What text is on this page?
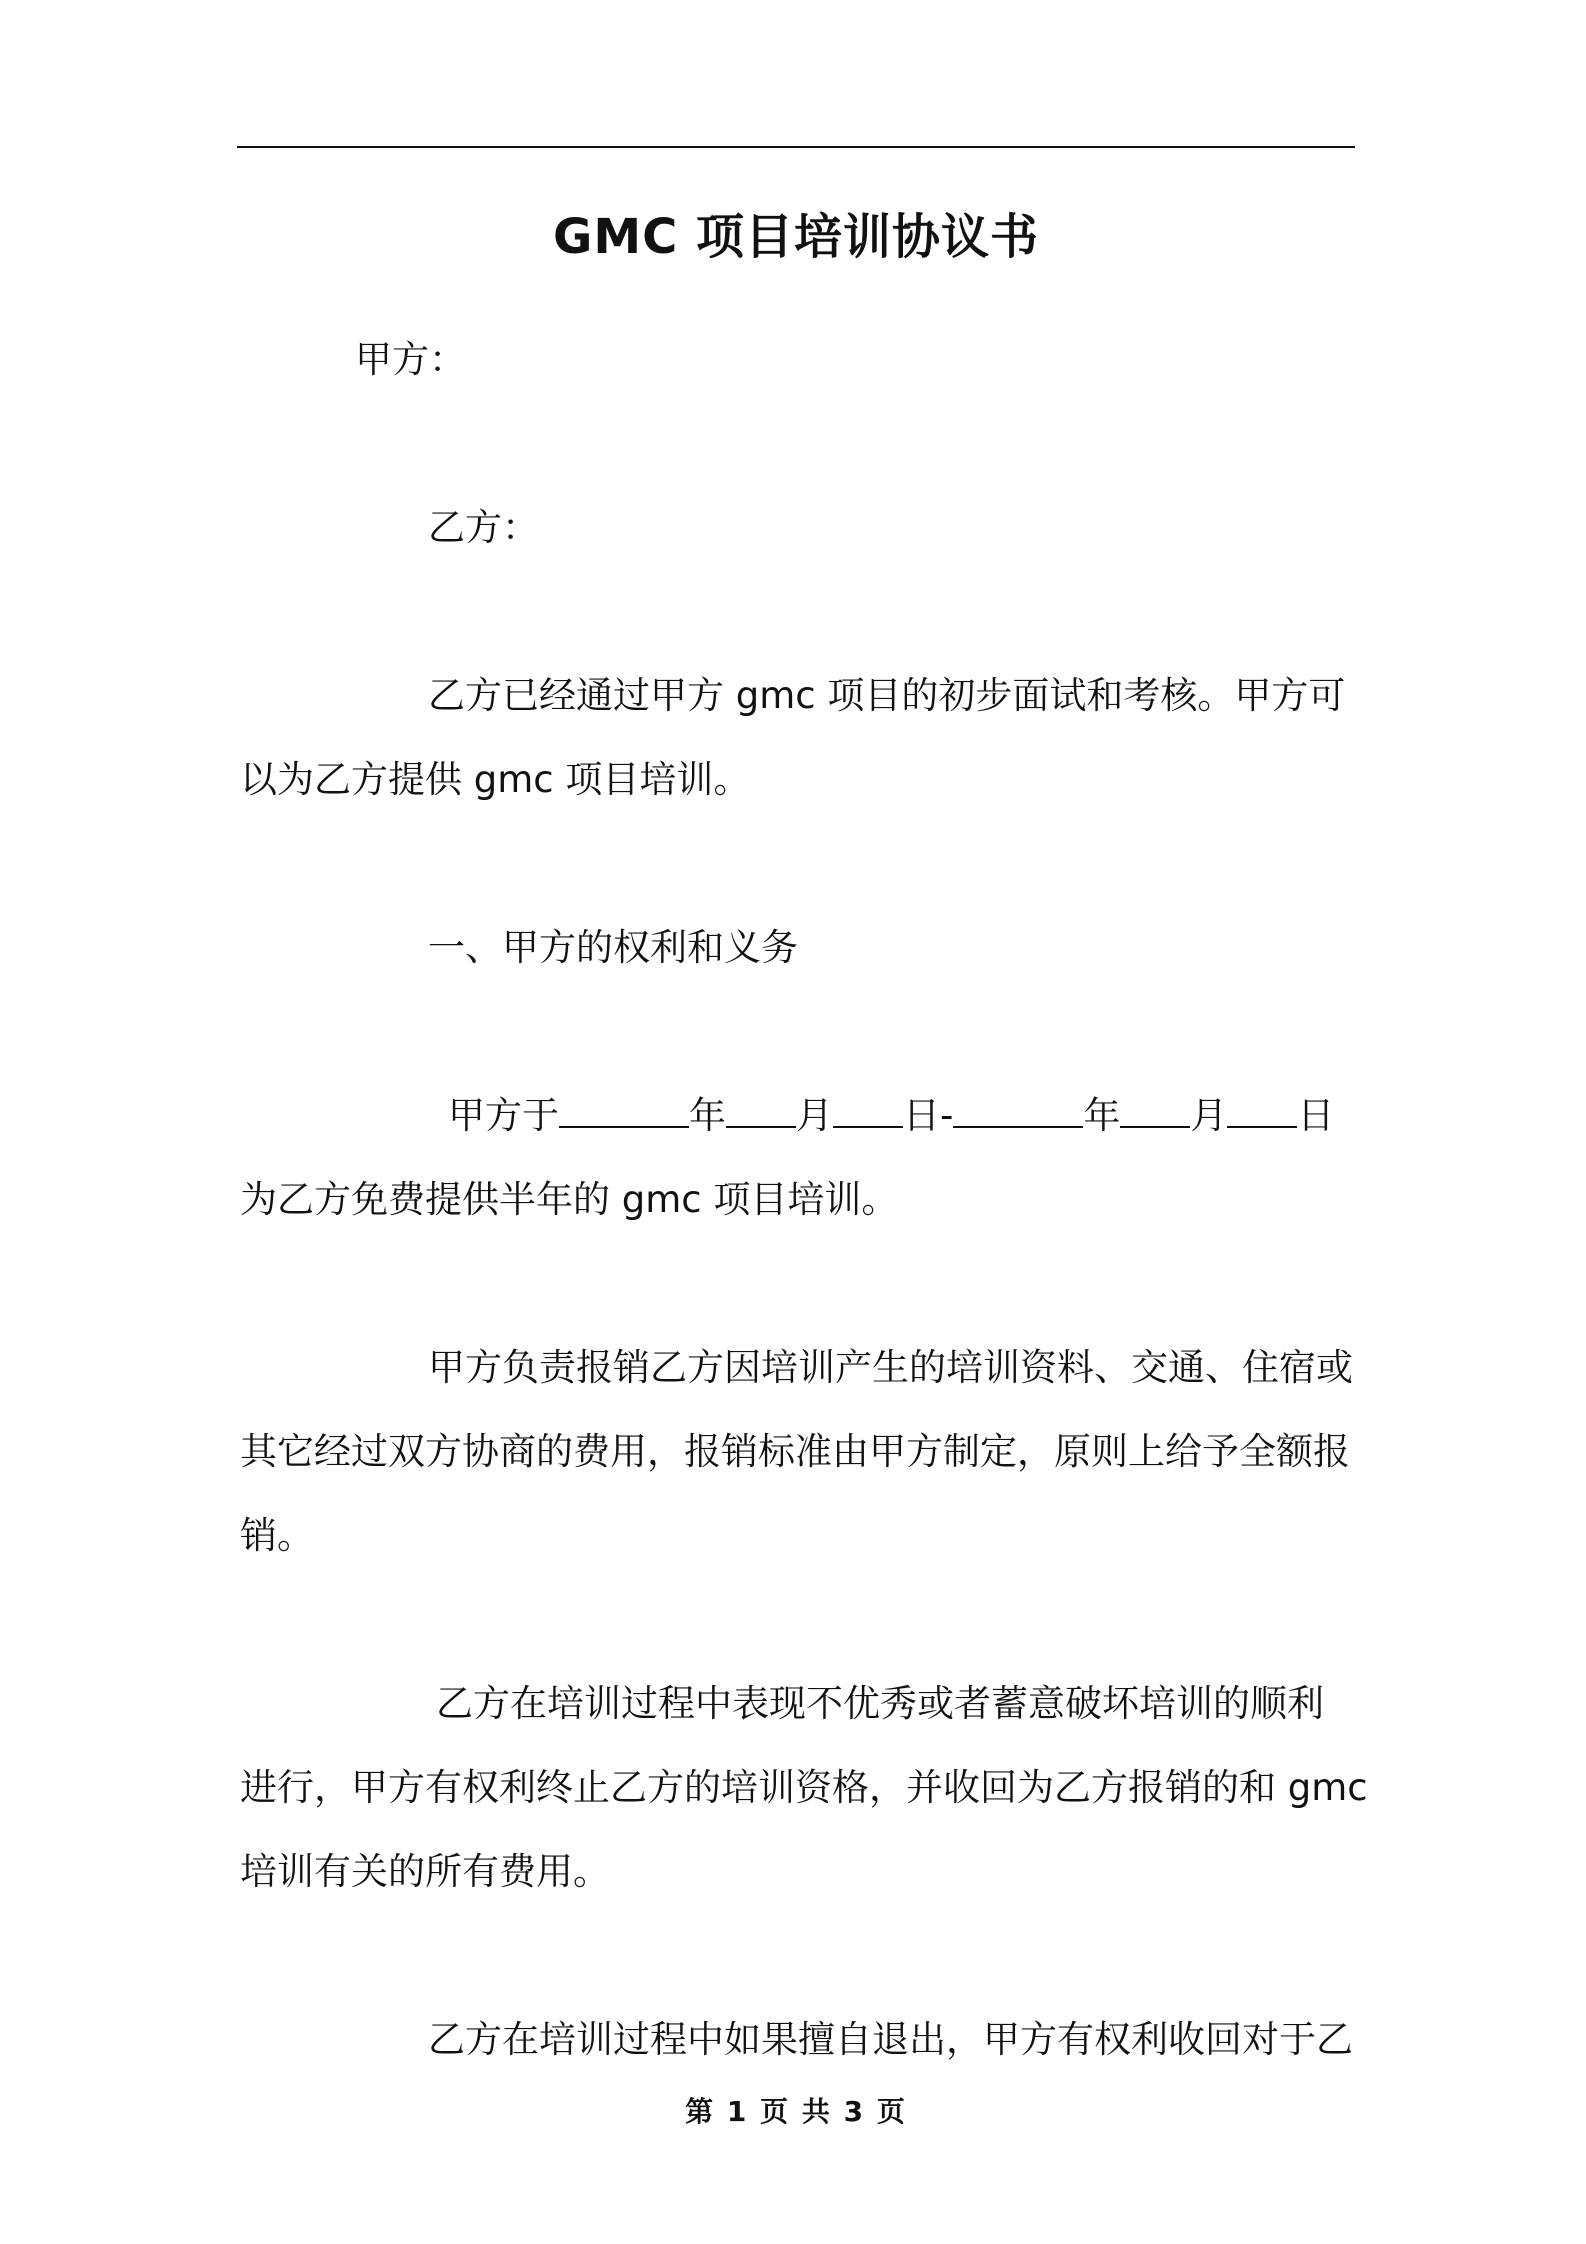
GMC 项目培训协议书
甲方：
乙方：
乙方已经通过甲方 gmc 项目的初步面试和考核。甲方可
以为乙方提供 gmc 项目培训。
一、甲方的权利和义务
甲方于	年 月 日-	年 月 日
为乙方免费提供半年的 gmc 项目培训。
甲方负责报销乙方因培训产生的培训资料、交通、住宿或
其它经过双方协商的费用，报销标准由甲方制定，原则上给予全额报
销。
乙方在培训过程中表现不优秀或者蓄意破坏培训的顺利
进行，甲方有权利终止乙方的培训资格，并收回为乙方报销的和 gmc
培训有关的所有费用。
乙方在培训过程中如果擅自退出，甲方有权利收回对于乙
第 1 页 共 3 页
